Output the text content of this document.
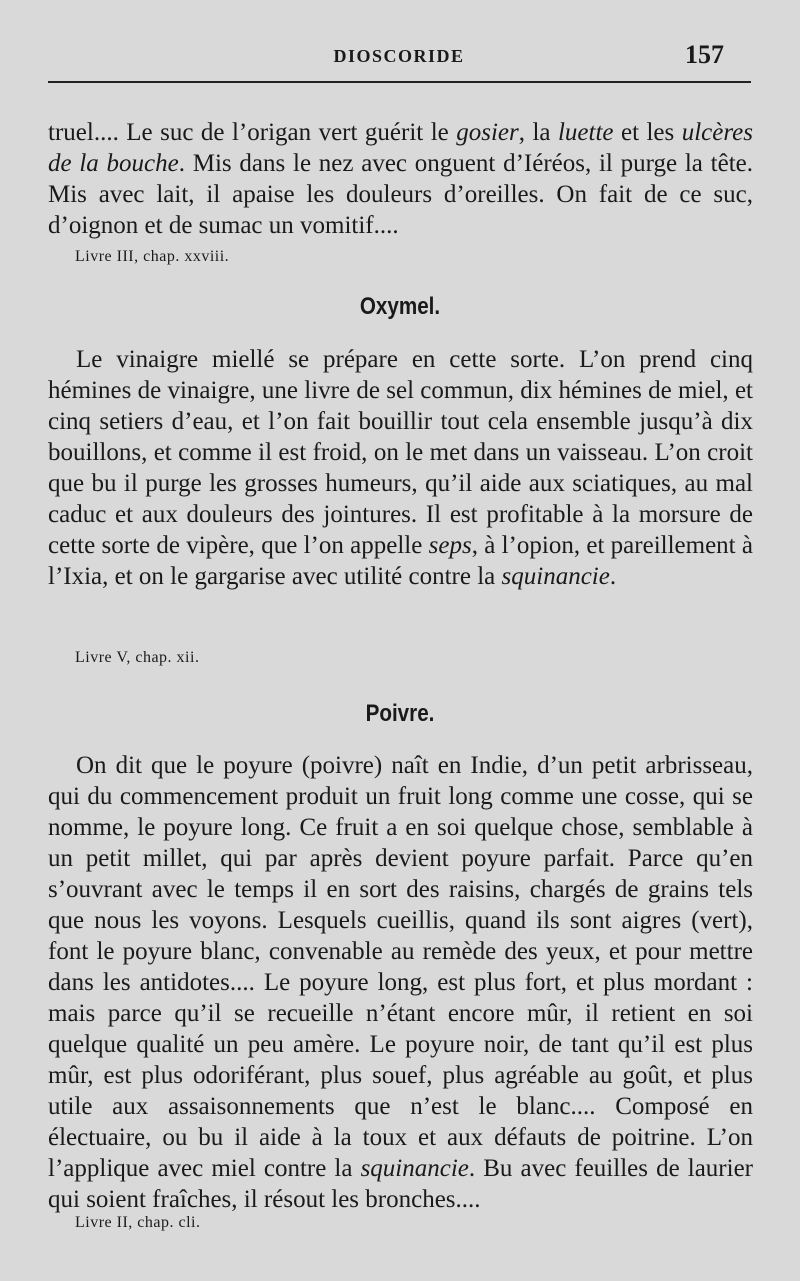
DIOSCORIDE	157

truel.... Le suc de l’origan vert guérit le gosier, la luette et les ulcères de la bouche. Mis dans le nez avec onguent d’Iéréos, il purge la tête. Mis avec lait, il apaise les douleurs d’oreilles. On fait de ce suc, d’oignon et de sumac un vomitif....

Livre III, chap. xxviii.
Oxymel.

Le vinaigre miellé se prépare en cette sorte. L’on prend cinq hémines de vinaigre, une livre de sel commun, dix hémines de miel, et cinq setiers d’eau, et l’on fait bouillir tout cela ensemble jusqu’à dix bouillons, et comme il est froid, on le met dans un vaisseau. L’on croit que bu il purge les grosses humeurs, qu’il aide aux sciatiques, au mal caduc et aux douleurs des jointures. Il est profitable à la morsure de cette sorte de vipère, que l’on appelle seps, à l’opion, et pareillement à l’Ixia, et on le gargarise avec utilité contre la squinancie.

Livre V, chap. xii.
Poivre.

On dit que le poyure (poivre) naît en Indie, d’un petit arbrisseau, qui du commencement produit un fruit long comme une cosse, qui se nomme, le poyure long. Ce fruit a en soi quelque chose, semblable à un petit millet, qui par après devient poyure parfait. Parce qu’en s’ouvrant avec le temps il en sort des raisins, chargés de grains tels que nous les voyons. Lesquels cueillis, quand ils sont aigres (vert), font le poyure blanc, convenable au remède des yeux, et pour mettre dans les antidotes.... Le poyure long, est plus fort, et plus mordant : mais parce qu’il se recueille n’étant encore mûr, il retient en soi quelque qualité un peu amère. Le poyure noir, de tant qu’il est plus mûr, est plus odoriférant, plus souef, plus agréable au goût, et plus utile aux assaisonnements que n’est le blanc.... Composé en électuaire, ou bu il aide à la toux et aux défauts de poitrine. L’on l’applique avec miel contre la squinancie. Bu avec feuilles de laurier qui soient fraîches, il résout les bronches....

Livre II, chap. cli.
